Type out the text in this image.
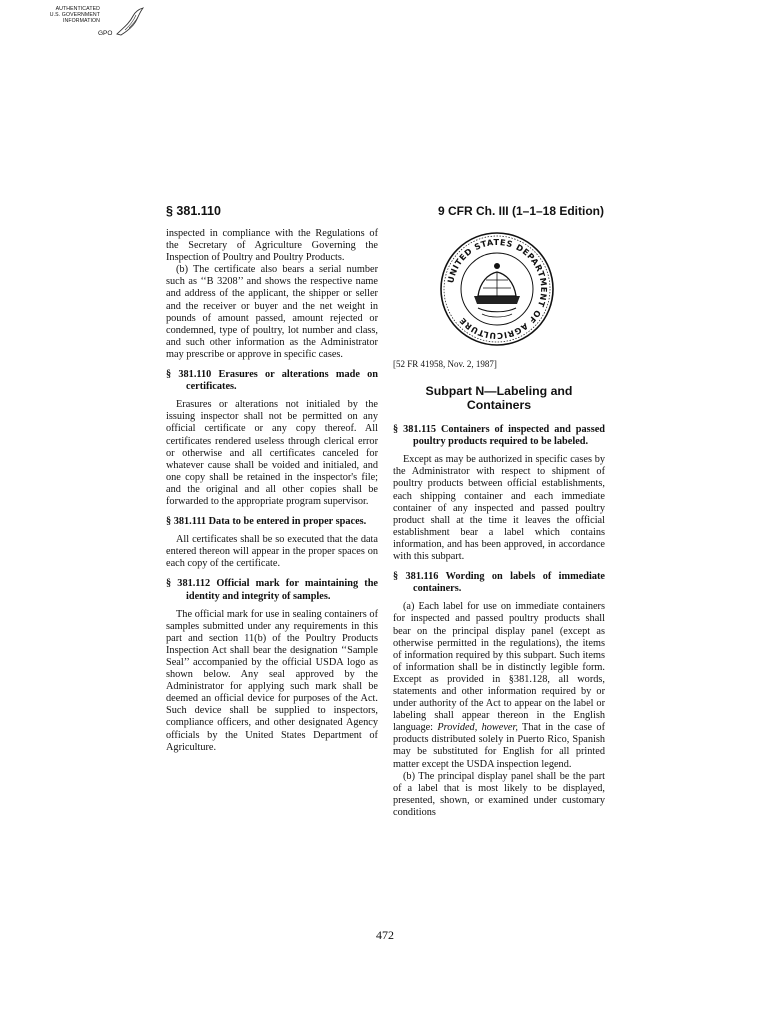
AUTHENTICATED
U.S. GOVERNMENT
INFORMATION
GPO
§ 381.110	9 CFR Ch. III (1–1–18 Edition)

inspected in compliance with the Regulations of the Secretary of Agriculture Governing the Inspection of Poultry and Poultry Products.

(b) The certificate also bears a serial number such as ‘‘B 3208’’ and shows the respective name and address of the applicant, the shipper or seller and the receiver or buyer and the net weight in pounds of amount passed, amount rejected or condemned, type of poultry, lot number and class, and such other information as the Administrator may prescribe or approve in specific cases.

§ 381.110 Erasures or alterations made on certificates.

Erasures or alterations not initialed by the issuing inspector shall not be permitted on any official certificate or any copy thereof. All certificates rendered useless through clerical error or otherwise and all certificates canceled for whatever cause shall be voided and initialed, and one copy shall be retained in the inspector's file; and the original and all other copies shall be forwarded to the appropriate program supervisor.

§ 381.111 Data to be entered in proper spaces.

All certificates shall be so executed that the data entered thereon will appear in the proper spaces on each copy of the certificate.

§ 381.112 Official mark for maintaining the identity and integrity of samples.

The official mark for use in sealing containers of samples submitted under any requirements in this part and section 11(b) of the Poultry Products Inspection Act shall bear the designation ‘‘Sample Seal’’ accompanied by the official USDA logo as shown below. Any seal approved by the Administrator for applying such mark shall be deemed an official device for purposes of the Act. Such device shall be supplied to inspectors, compliance officers, and other designated Agency officials by the United States Department of Agriculture.

UNITED STATES DEPARTMENT OF AGRICULTURE
[52 FR 41958, Nov. 2, 1987]
Subpart N—Labeling and
Containers
§ 381.115 Containers of inspected and passed poultry products required to be labeled.

Except as may be authorized in specific cases by the Administrator with respect to shipment of poultry products between official establishments, each shipping container and each immediate container of any inspected and passed poultry product shall at the time it leaves the official establishment bear a label which contains information, and has been approved, in accordance with this subpart.

§ 381.116 Wording on labels of immediate containers.

(a) Each label for use on immediate containers for inspected and passed poultry products shall bear on the principal display panel (except as otherwise permitted in the regulations), the items of information required by this subpart. Such items of information shall be in distinctly legible form. Except as provided in §381.128, all words, statements and other information required by or under authority of the Act to appear on the label or labeling shall appear thereon in the English language: Provided, however, That in the case of products distributed solely in Puerto Rico, Spanish may be substituted for English for all printed matter except the USDA inspection legend.

(b) The principal display panel shall be the part of a label that is most likely to be displayed, presented, shown, or examined under customary conditions

472
